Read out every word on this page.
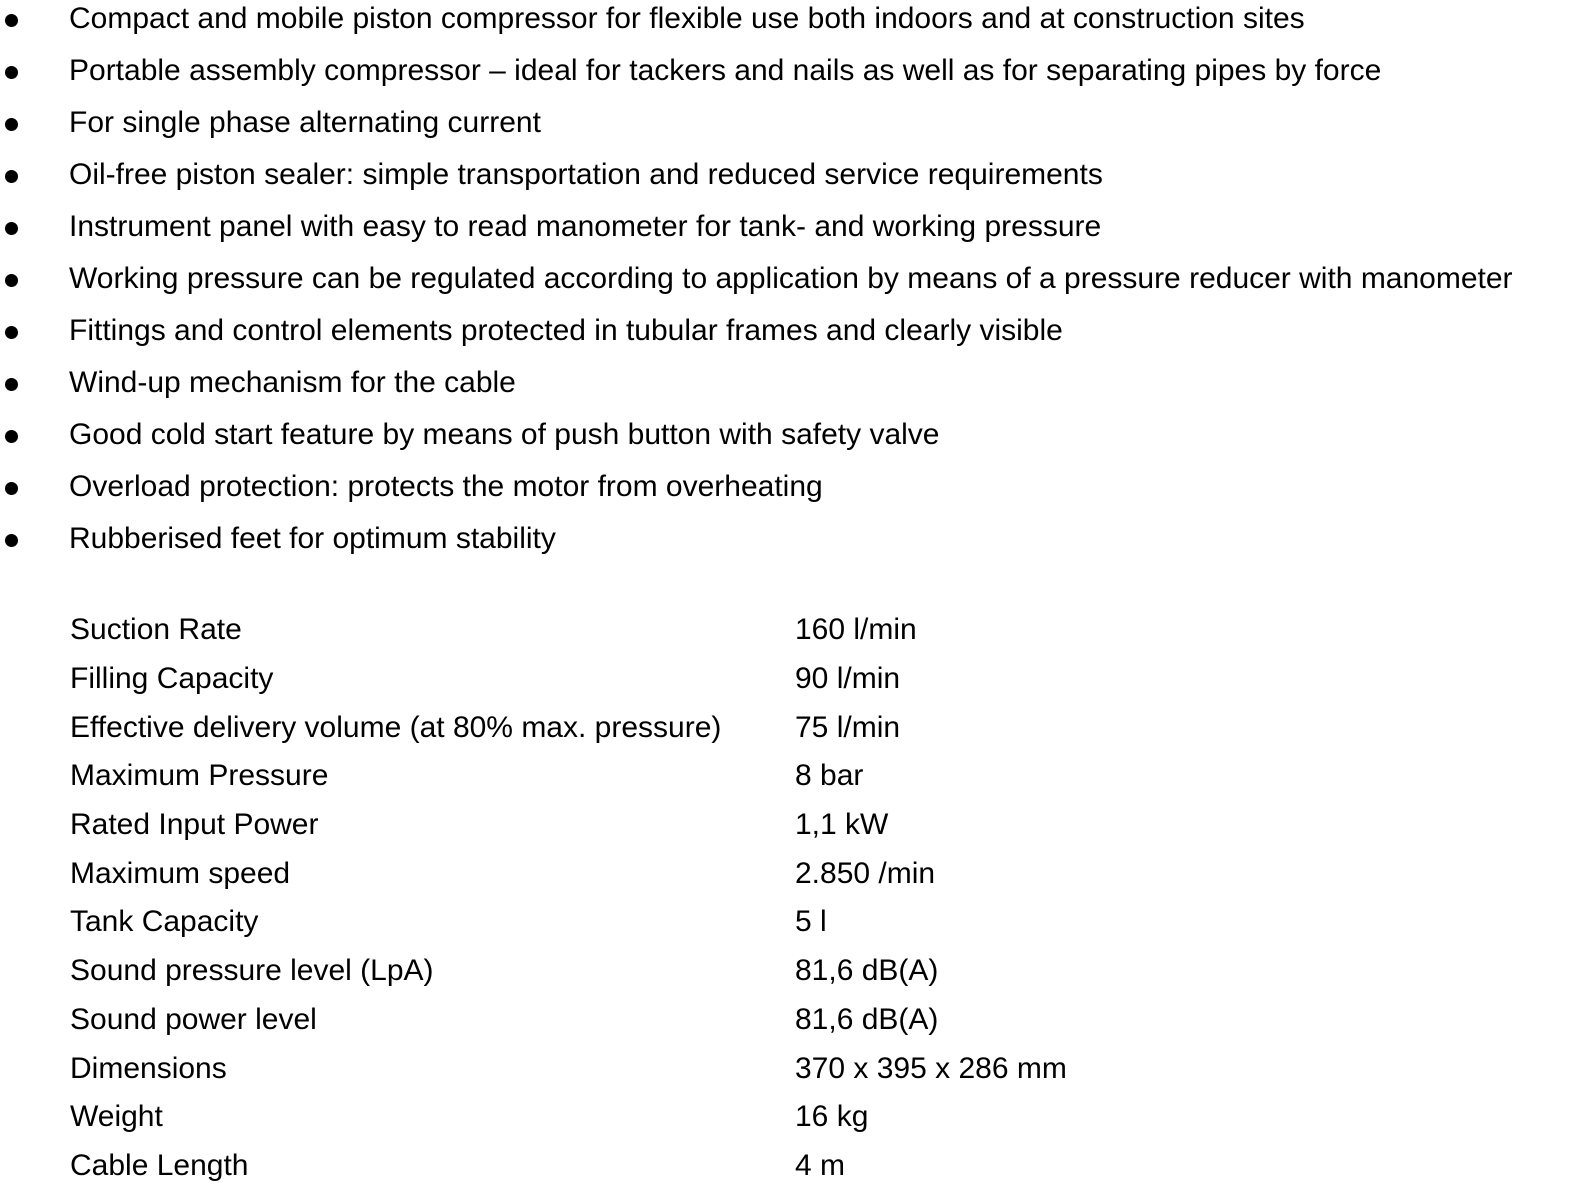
Compact and mobile piston compressor for flexible use both indoors and at construction sites
Portable assembly compressor – ideal for tackers and nails as well as for separating pipes by force
For single phase alternating current
Oil-free piston sealer: simple transportation and reduced service requirements
Instrument panel with easy to read manometer for tank- and working pressure
Working pressure can be regulated according to application by means of a pressure reducer with manometer
Fittings and control elements protected in tubular frames and clearly visible
Wind-up mechanism for the cable
Good cold start feature by means of push button with safety valve
Overload protection: protects the motor from overheating
Rubberised feet for optimum stability
Suction Rate	160 l/min
Filling Capacity	90 l/min
Effective delivery volume (at 80% max. pressure)	75 l/min
Maximum Pressure	8 bar
Rated Input Power	1,1 kW
Maximum speed	2.850 /min
Tank Capacity	5 l
Sound pressure level (LpA)	81,6 dB(A)
Sound power level	81,6 dB(A)
Dimensions	370 x 395 x 286 mm
Weight	16 kg
Cable Length	4 m
